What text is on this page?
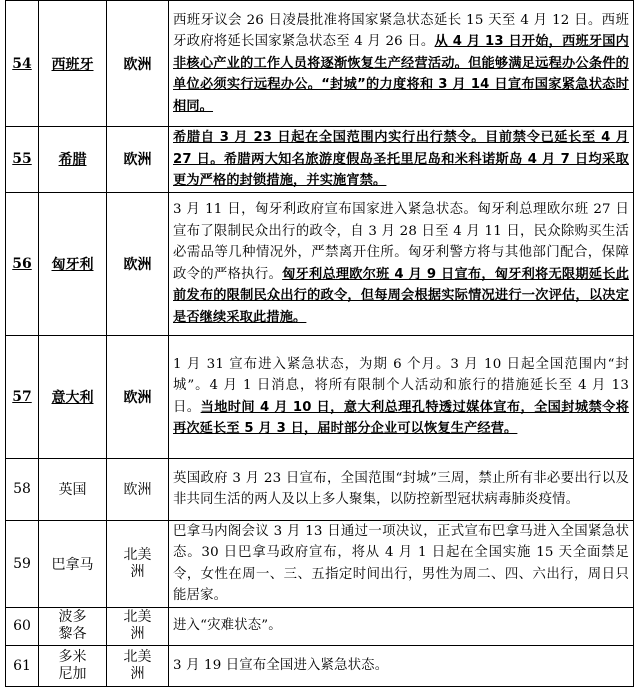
54	西班牙	欧洲	西班牙议会 26 日凌晨批准将国家紧急状态延长 15 天至 4 月 12 日。西班牙政府将延长国家紧急状态至 4 月 26 日。从 4 月 13 日开始，西班牙国内非核心产业的工作人员将逐渐恢复生产经营活动。但能够满足远程办公条件的单位必须实行远程办公。“封城”的力度将和 3 月 14 日宣布国家紧急状态时相同。
55	希腊	欧洲	希腊自 3 月 23 日起在全国范围内实行出行禁令。目前禁令已延长至 4 月 27 日。希腊两大知名旅游度假岛圣托里尼岛和米科诺斯岛 4 月 7 日均采取更为严格的封锁措施，并实施宵禁。
56	匈牙利	欧洲	3 月 11 日，匈牙利政府宣布国家进入紧急状态。匈牙利总理欧尔班 27 日宣布了限制民众出行的政令，自 3 月 28 日至 4 月 11 日，民众除购买生活必需品等几种情况外，严禁离开住所。匈牙利警方将与其他部门配合，保障政令的严格执行。匈牙利总理欧尔班 4 月 9 日宣布，匈牙利将无限期延长此前发布的限制民众出行的政令，但每周会根据实际情况进行一次评估，以决定是否继续采取此措施。
57	意大利	欧洲	1 月 31 宣布进入紧急状态，为期 6 个月。3 月 10 日起全国范围内“封城”。4 月 1 日消息，将所有限制个人活动和旅行的措施延长至 4 月 13 日。当地时间 4 月 10 日，意大利总理孔特透过媒体宣布，全国封城禁令将再次延长至 5 月 3 日，届时部分企业可以恢复生产经营。
58	英国	欧洲	英国政府 3 月 23 日宣布，全国范围“封城”三周，禁止所有非必要出行以及非共同生活的两人及以上多人聚集，以防控新型冠状病毒肺炎疫情。
59	巴拿马	北美洲	巴拿马内阁会议 3 月 13 日通过一项决议，正式宣布巴拿马进入全国紧急状态。30 日巴拿马政府宣布，将从 4 月 1 日起在全国实施 15 天全面禁足令，女性在周一、三、五指定时间出行，男性为周二、四、六出行，周日只能居家。
60	波多黎各	北美洲	进入“灾难状态”。
61	多米尼加	北美洲	3 月 19 日宣布全国进入紧急状态。
